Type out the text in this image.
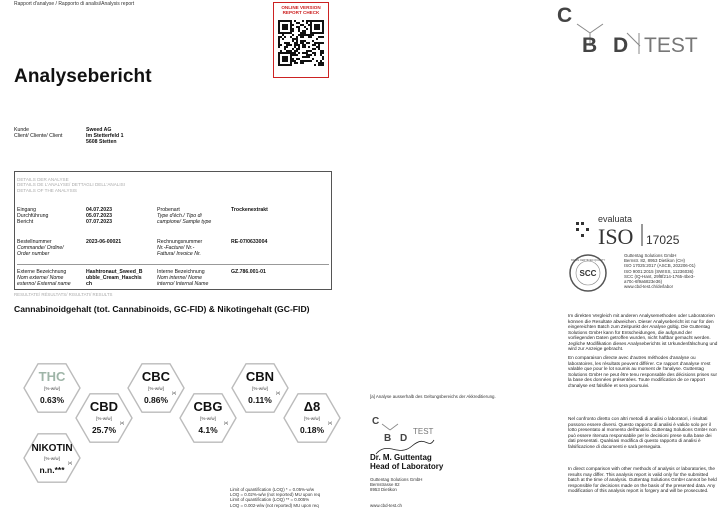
Rapport d'analyse / Rapporto di analisi/Analysis report
Analysebericht
ONLINE VERSION
REPORT CHECK	C
B D TEST
Kunde
Client/ Cliente/ Client
Sweed AG
Im Stetterfeld 1
5608 Stetten
DETAILS DER ANALYSE
DETAILS DE L'ANALYSE/ DETTAGLI DELL'ANALISI
DETAILS OF THE ANALYSIS
Eingang
Durchführung
Bericht
04.07.2023
05.07.2023
07.07.2023
Probenart
Type d'éch./ Tipo di
campione/ Sample type
Trockenextrakt
Bestellnummer
Commande/ Ordine/
Order number
2023-06-00021	Rechnungsnummer
Nr.-Facture/ Nr.-
Fattura/ Invoice Nr.
RE-07/0633004
Externe Bezeichnung
Nom externe/ Nome
esterno/ External name
Hashtronaut_Sweed_B
ubble_Cream_Haschis
ch
Interne Bezeichnung
Nom interne/ Nome
interno/ Internal Name
GZ.786.001-01
RESULTATE/ RÉSULTATS/ RISULTATI/ RESULTS
Cannabinoidgehalt (tot. Cannabinoids, GC-FID) & Nikotingehalt (GC-FID)
THC
[%-w/w]
0.63% CBD
[%-w/w]
[a]
25.7%
CBC
[%-w/w]
[a]
0.86% CBG
[%-w/w]
[a]
4.1%
CBN
[%-w/w]
[a]
0.11% Δ8
[%-w/w]
[a]
0.18%
NIKOTIN
[%-w/w]
[a]
n.n.***
Limit of quantification (LOQ) * = 0.05%-w/w
LOQ = 0.02%-w/w (not reported) MU upon req
Limit of quantification (LOQ) ** = 0.005%
LOQ = 0.002-w/w (not reported) MU upon req
[a] Analyse ausserhalb des Geltungsbereichs der Akkreditierung.
C
B D
TEST
Dr. M. Guttentag
Head of Laboratory
Guttentag Solutions GmbH
Bernstrasse 82
8953 Dietikon
www.cbd-test.ch
evaluata
ISO 17025
SCC
SWISS CERTIFIED QUALITY
Guttentag Solutions GmbH
Bernstr. 82, 8953 Dietikon (CH)
ISO 17025:2017 (ASCB, 202206-01)
ISO 9001:2015 (SWISS, 11236036)
SCC (IQ-Hant, 29f8f214-1765-4be3-
a70c-6f9a6823e36)
www.cbd-test.ch/de/labor
Im direkten Vergleich mit anderen Analysemethoden oder Laboratorien können die Resultate abweichen. Dieser Analysebericht ist nur für den eingereichten Batch zum Zeitpunkt der Analyse gültig. Die Guttentag Solutions GmbH kann für Entscheidungen, die aufgrund der vorliegenden Daten getroffen wurden, nicht haftbar gemacht werden. Jegliche Modifikation dieses Analyseberichts ist Urkundenfälschung und wird zur Anzeige gebracht.
En comparaison directe avec d'autres méthodes d'analyse ou laboratoires, les résultats peuvent différer. Ce rapport d'analyse n'est valable que pour le lot soumis au moment de l'analyse. Guttentag Solutions GmbH ne peut être tenu responsable des décisions prises sur la base des données présentées. Toute modification de ce rapport d'analyse est falsifiée et sera poursuivi.
Nel confronto diretto con altri metodi di analisi o laboratori, i risultati possono essere diversi. Questo rapporto di analisi è valido solo per il lotto presentato al momento dell'analisi. Guttentag Solutions GmbH non può essere ritenuta responsabile per le decisioni prese sulla base dei dati presentati. Qualsiasi modifica di questo rapporto di analisi è falsificazione di documenti e sarà perseguita.
In direct comparison with other methods of analysis or laboratories, the results may differ. This analysis report is valid only for the submitted batch at the time of analysis. Guttentag Solutions GmbH cannot be held responsible for decisions made on the basis of the presented data. Any modification of this analysis report is forgery and will be prosecuted.
